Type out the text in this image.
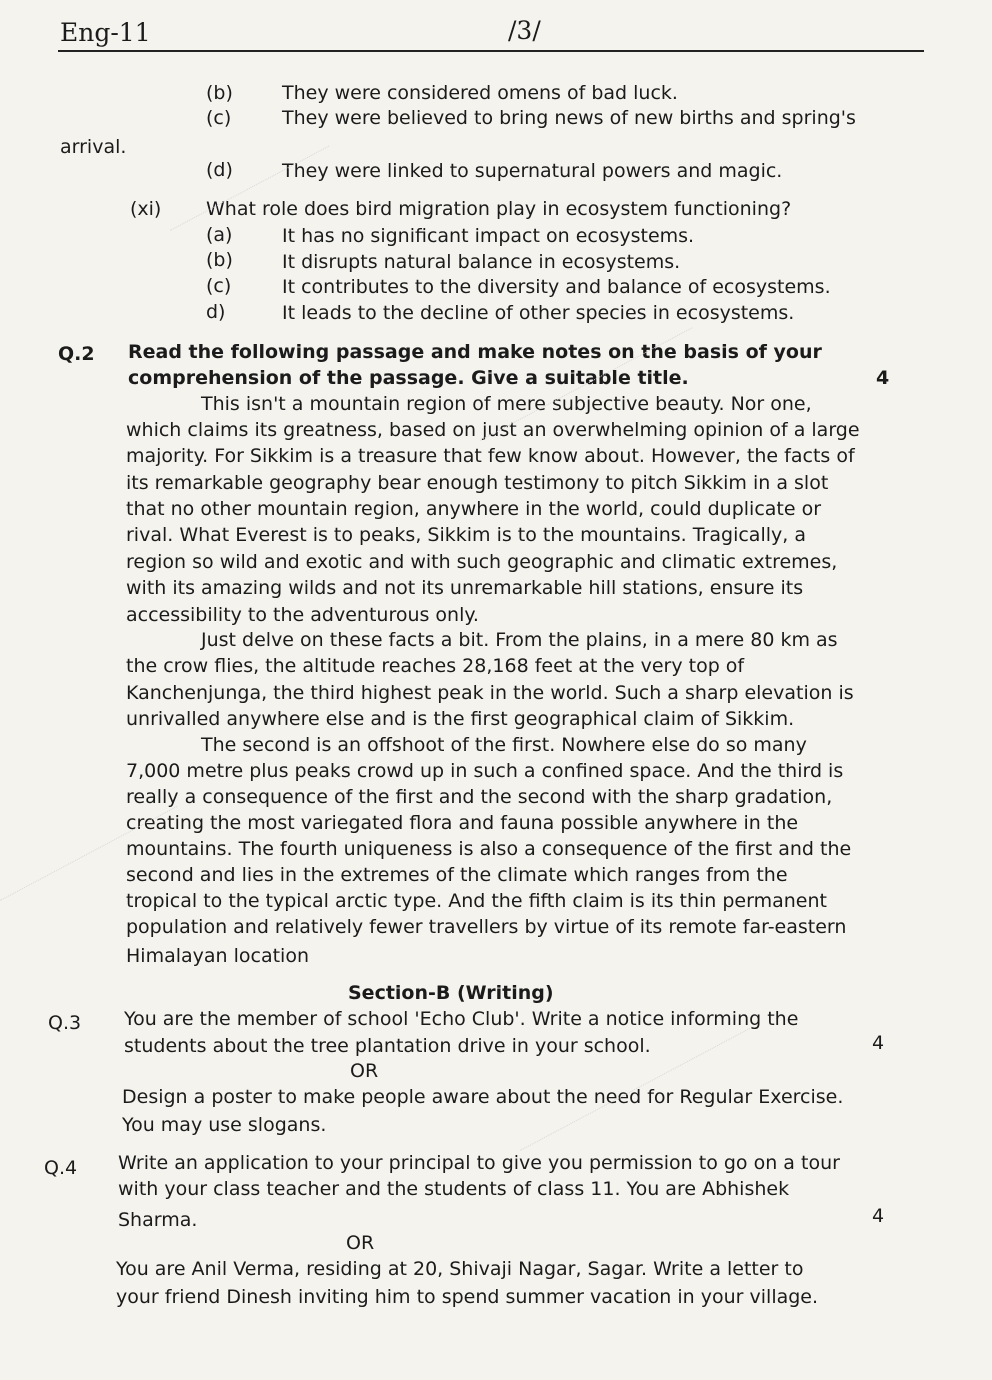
Eng-11	/3/
(b)	They were considered omens of bad luck.
(c)	They were believed to bring news of new births and spring's
arrival.
(d)	They were linked to supernatural powers and magic.
(xi) What role does bird migration play in ecosystem functioning?
(a)	It has no significant impact on ecosystems.
(b)	It disrupts natural balance in ecosystems.
(c)	It contributes to the diversity and balance of ecosystems.
d)	It leads to the decline of other species in ecosystems.
Q.2 Read the following passage and make notes on the basis of your
comprehension of the passage. Give a suitable title.	4
This isn't a mountain region of mere subjective beauty. Nor one,
which claims its greatness, based on just an overwhelming opinion of a large
majority. For Sikkim is a treasure that few know about. However, the facts of
its remarkable geography bear enough testimony to pitch Sikkim in a slot
that no other mountain region, anywhere in the world, could duplicate or
rival. What Everest is to peaks, Sikkim is to the mountains. Tragically, a
region so wild and exotic and with such geographic and climatic extremes,
with its amazing wilds and not its unremarkable hill stations, ensure its
accessibility to the adventurous only.
Just delve on these facts a bit. From the plains, in a mere 80 km as
the crow flies, the altitude reaches 28,168 feet at the very top of
Kanchenjunga, the third highest peak in the world. Such a sharp elevation is
unrivalled anywhere else and is the first geographical claim of Sikkim.
The second is an offshoot of the first. Nowhere else do so many
7,000 metre plus peaks crowd up in such a confined space. And the third is
really a consequence of the first and the second with the sharp gradation,
creating the most variegated flora and fauna possible anywhere in the
mountains. The fourth uniqueness is also a consequence of the first and the
second and lies in the extremes of the climate which ranges from the
tropical to the typical arctic type. And the fifth claim is its thin permanent
population and relatively fewer travellers by virtue of its remote far-eastern
Himalayan location
Section-B (Writing)
Q.3 You are the member of school 'Echo Club'. Write a notice informing the
students about the tree plantation drive in your school.	4
OR
Design a poster to make people aware about the need for Regular Exercise.
You may use slogans.
Q.4 Write an application to your principal to give you permission to go on a tour
with your class teacher and the students of class 11. You are Abhishek
Sharma.	4
OR
You are Anil Verma, residing at 20, Shivaji Nagar, Sagar. Write a letter to
your friend Dinesh inviting him to spend summer vacation in your village.
